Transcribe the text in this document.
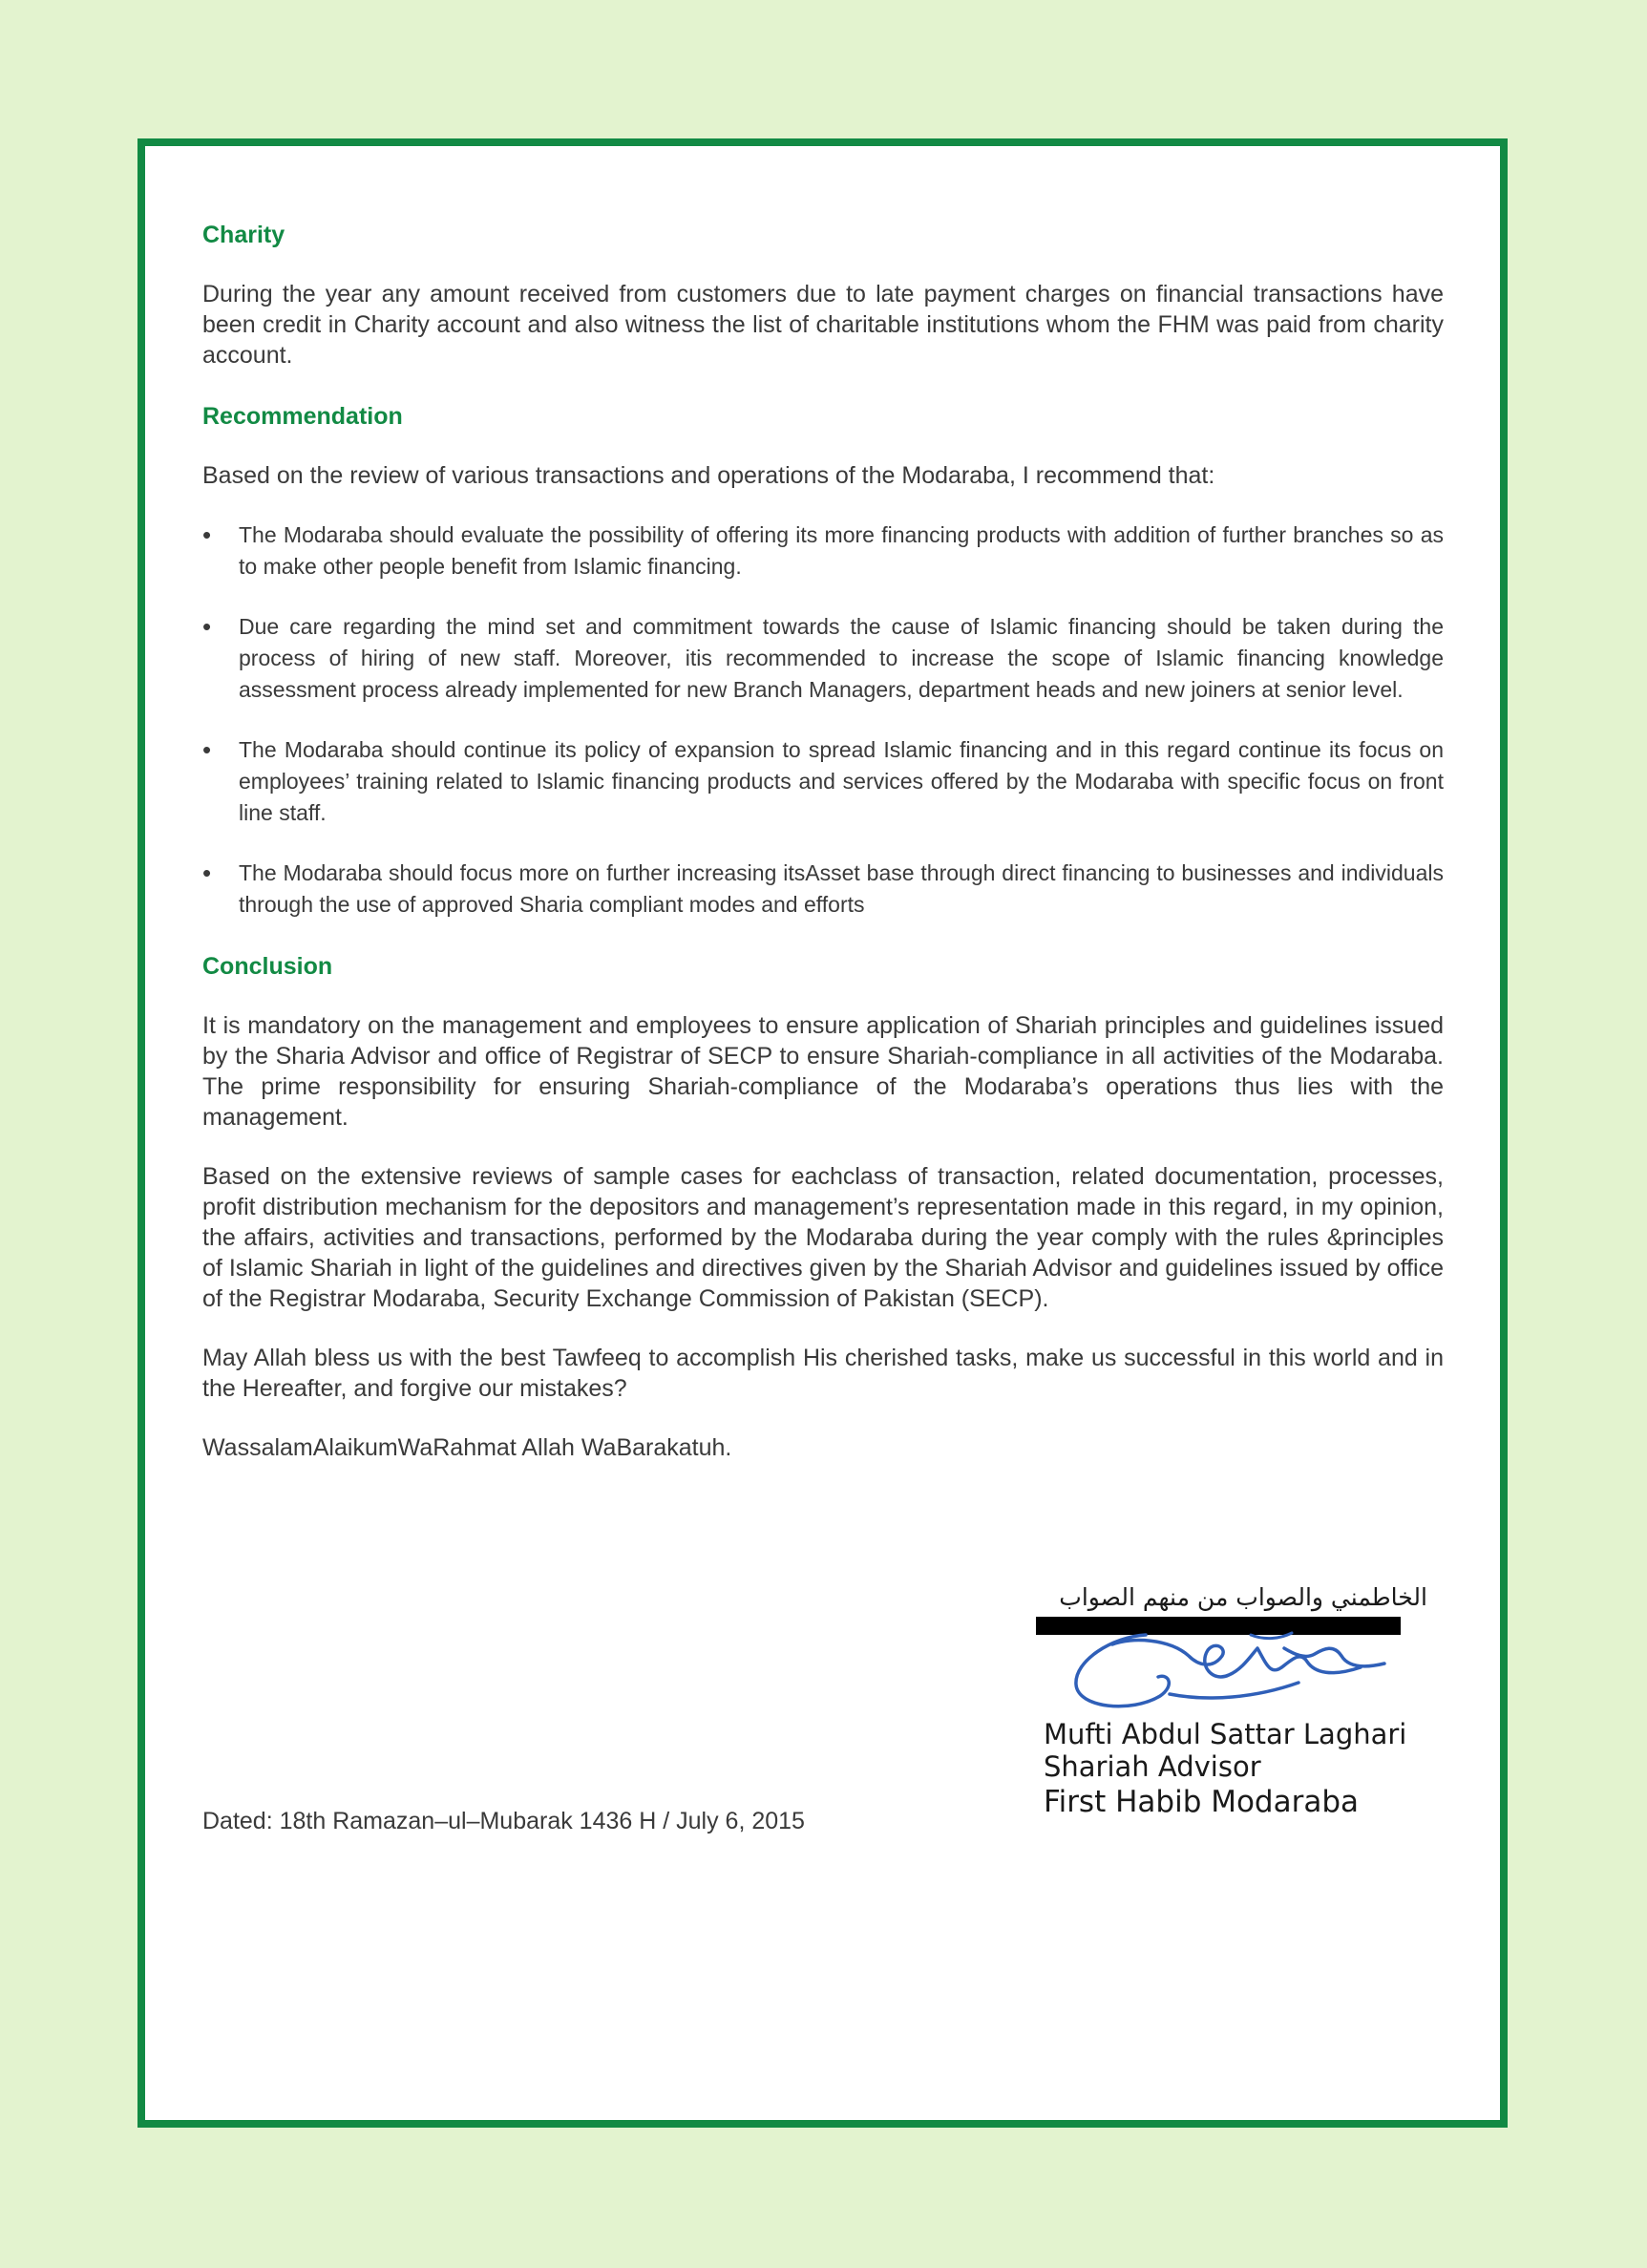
Charity

During the year any amount received from customers due to late payment charges on financial transactions have been credit in Charity account and also witness the list of charitable institutions whom the FHM was paid from charity account.

Recommendation

Based on the review of various transactions and operations of the Modaraba, I recommend that:

• The Modaraba should evaluate the possibility of offering its more financing products with addition of further branches so as to make other people benefit from Islamic financing.
• Due care regarding the mind set and commitment towards the cause of Islamic financing should be taken during the process of hiring of new staff. Moreover, itis recommended to increase the scope of Islamic financing knowledge assessment process already implemented for new Branch Managers, department heads and new joiners at senior level.
• The Modaraba should continue its policy of expansion to spread Islamic financing and in this regard continue its focus on employees’ training related to Islamic financing products and services offered by the Modaraba with specific focus on front line staff.
• The Modaraba should focus more on further increasing itsAsset base through direct financing to businesses and individuals through the use of approved Sharia compliant modes and efforts
Conclusion

It is mandatory on the management and employees to ensure application of Shariah principles and guidelines issued by the Sharia Advisor and office of Registrar of SECP to ensure Shariah-compliance in all activities of the Modaraba. The prime responsibility for ensuring Shariah-compliance of the Modaraba’s operations thus lies with the management.

Based on the extensive reviews of sample cases for eachclass of transaction, related documentation, processes, profit distribution mechanism for the depositors and management’s representation made in this regard, in my opinion, the affairs, activities and transactions, performed by the Modaraba during the year comply with the rules &principles of Islamic Shariah in light of the guidelines and directives given by the Shariah Advisor and guidelines issued by office of the Registrar Modaraba, Security Exchange Commission of Pakistan (SECP).

May Allah bless us with the best Tawfeeq to accomplish His cherished tasks, make us successful in this world and in the Hereafter, and forgive our mistakes?

WassalamAlaikumWaRahmat Allah WaBarakatuh.

الخاطمني والصواب من منهم الصواب
Mufti Abdul Sattar Laghari
Shariah Advisor
First Habib Modaraba
Dated: 18th Ramazan–ul–Mubarak 1436 H / July 6, 2015
